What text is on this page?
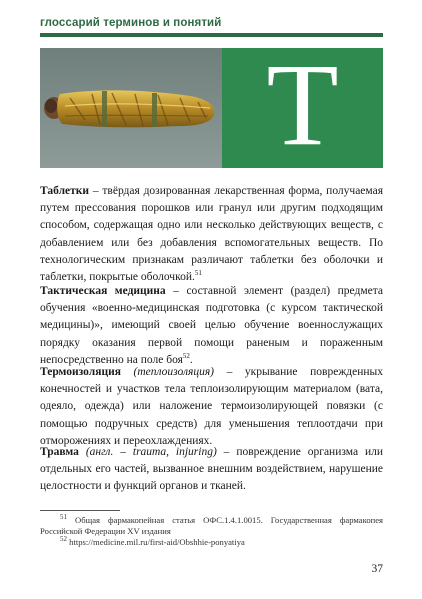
глоссарий терминов и понятий
Т
Таблетки – твёрдая дозированная лекарственная форма, получаемая путем прессования порошков или гранул или другим подходящим способом, содержащая одно или несколько действующих веществ, с добавлением или без добавления вспомогательных веществ. По технологическим признакам различают таблетки без оболочки и таблетки, покрытые оболочкой.$^{51}$
Тактическая медицина – составной элемент (раздел) предмета обучения «военно-медицинская подготовка (с курсом тактической медицины)», имеющий своей целью обучение военнослужащих порядку оказания первой помощи раненым и пораженным непосредственно на поле боя$^{52}$.
Термоизоляция (теплоизоляция) – укрывание поврежденных конечностей и участков тела теплоизолирующим материалом (вата, одеяло, одежда) или наложение термоизолирующей повязки (с помощью подручных средств) для уменьшения теплоотдачи при отморожениях и переохлаждениях.
Травма (англ. – trauma, injuring) – повреждение организма или отдельных его частей, вызванное внешним воздействием, нарушение целостности и функций органов и тканей.
$^{51}$ Общая фармакопейная статья ОФС.1.4.1.0015. Государственная фармакопея Российской Федерации XV издания
$^{52}$ https://medicine.mil.ru/first-aid/Obshhie-ponyatiya
37
